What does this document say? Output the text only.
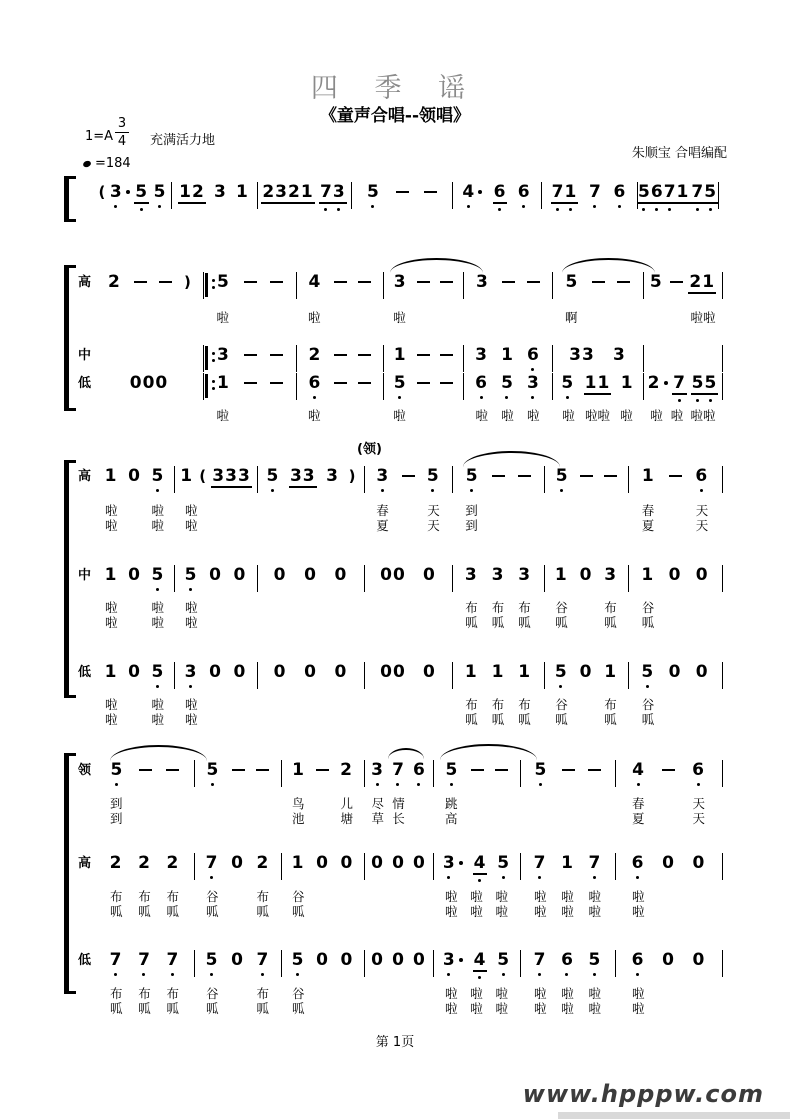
四 季 谣
《童声合唱--领唱》
1=A
3
4 充满活力地
=184
朱顺宝 合唱编配
( 3 5 5 1 2 3 1 2 3 2 1 7 3 5	4 6 6 7 1 7 6 5 6 7 1 7 5
高 2	) 5	4	3	3	5	5 2 1
啦	啦	啦	啊	啦啦
中	3	2	1	3 1 6 3 3 3
低 0 0 0	1	6	5	6 5 3 5 1 1 1 2 7 5 5
啦	啦	啦	啦 啦 啦 啦 啦啦 啦 啦 啦 啦啦
(领)
高 1 0 5 1 ( 3 3 3 5 3 3 3 ) 3 5 5	5	1 6
啦	啦 啦	春	天 到	春	天
啦	啦 啦	夏	天 到	夏	天
中 1 0 5 5 0 0 0 0 0 0 0 0 3 3 3 1 0 3 1 0 0
啦	啦 啦	布 布 布 谷	布 谷
啦	啦 啦	呱 呱 呱 呱	呱 呱
低 1 0 5 3 0 0 0 0 0 0 0 0 1 1 1 5 0 1 5 0 0
啦	啦 啦	布 布 布 谷	布 谷
啦	啦 啦	呱 呱 呱 呱	呱 呱
领 5	5	1 2 3 7 6 5	5	4	6
到	鸟	儿 尽 情	跳	春	天
到	池	塘 草 长	高	夏	天
高 2 2 2 7 0 2 1 0 0 0 0 0 3 4 5 7 1 7 6 0 0
布 布 布 谷	布 谷	啦 啦 啦 啦 啦 啦 啦
呱 呱 呱 呱	呱 呱	啦 啦 啦 啦 啦 啦 啦
低 7 7 7 5 0 7 5 0 0 0 0 0 3 4 5 7 6 5 6 0 0
布 布 布 谷	布 谷	啦 啦 啦 啦 啦 啦 啦
呱 呱 呱 呱	呱 呱	啦 啦 啦 啦 啦 啦 啦
第 1页
www.hpppw.com
